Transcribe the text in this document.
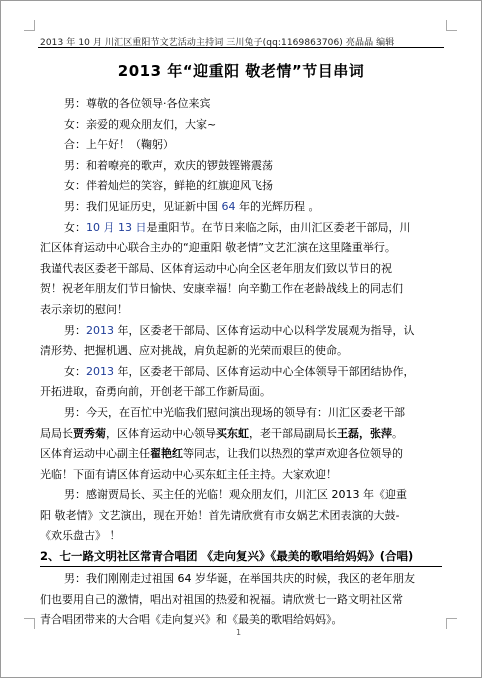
2013 年 10 月 川汇区重阳节文艺活动主持词 三川兔子(qq:1169863706) 亮晶晶 编辑
2013 年“迎重阳 敬老情”节目串词
男：尊敬的各位领导·各位来宾
女：亲爱的观众朋友们，大家~
合：上午好！（鞠躬）
男：和着嘹亮的歌声，欢庆的锣鼓铿锵震荡
女：伴着灿烂的笑容，鲜艳的红旗迎风飞扬
男：我们见证历史，见证新中国 64 年的光辉历程 。
女：10 月 13 日是重阳节。在节日来临之际，由川汇区委老干部局，川
汇区体育运动中心联合主办的“迎重阳 敬老情”文艺汇演在这里隆重举行。
我谨代表区委老干部局、区体育运动中心向全区老年朋友们致以节日的祝
贺！祝老年朋友们节日愉快、安康幸福！向辛勤工作在老龄战线上的同志们
表示亲切的慰问！
男：2013 年，区委老干部局、区体育运动中心以科学发展观为指导，认
清形势、把握机遇、应对挑战，肩负起新的光荣而艰巨的使命。
女：2013 年，区委老干部局、区体育运动中心全体领导干部团结协作，
开拓进取，奋勇向前，开创老干部工作新局面。
男：今天，在百忙中光临我们慰问演出现场的领导有：川汇区委老干部
局局长贾秀菊，区体育运动中心领导买东虹，老干部局副局长王磊，张萍。
区体育运动中心副主任翟艳红等同志，让我们以热烈的掌声欢迎各位领导的
光临！下面有请区体育运动中心买东虹主任主持。大家欢迎！
男：感谢贾局长、买主任的光临！观众朋友们，川汇区 2013 年《迎重
阳 敬老情》文艺演出，现在开始！首先请欣赏有市女娲艺术团表演的大鼓-
《欢乐盘古》 ！
2、七一路文明社区常青合唱团 《走向复兴》《最美的歌唱给妈妈》(合唱)
男：我们刚刚走过祖国 64 岁华诞，在举国共庆的时候，我区的老年朋友
们也要用自己的激情，唱出对祖国的热爱和祝福。请欣赏七一路文明社区常
青合唱团带来的大合唱《走向复兴》和《最美的歌唱给妈妈》。
1
